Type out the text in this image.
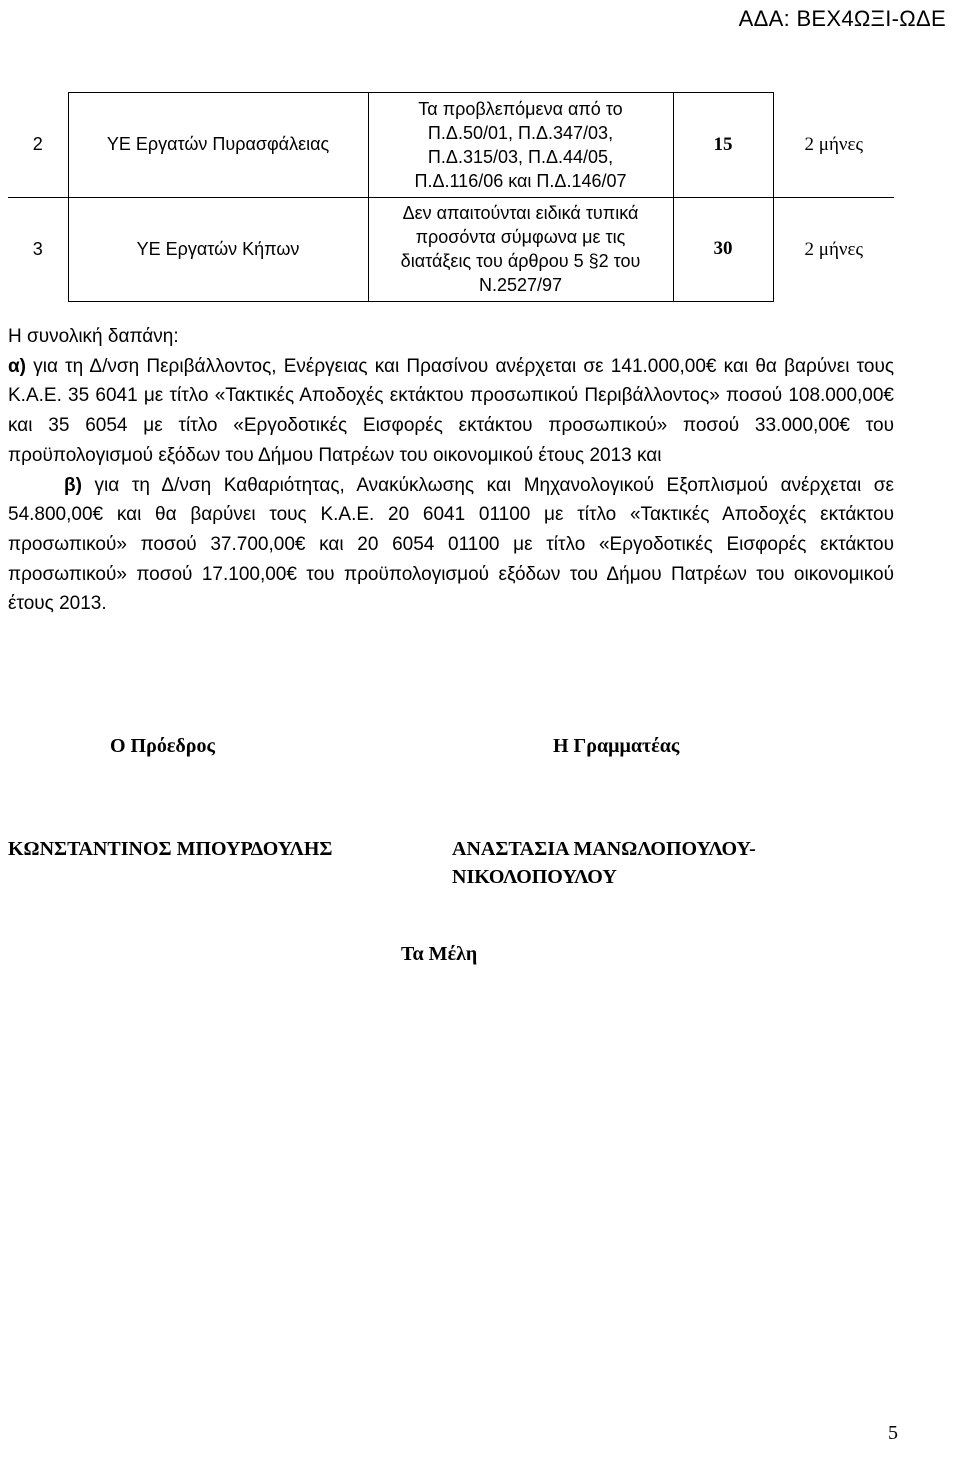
ΑΔΑ: ΒΕΧ4ΩΞΙ-ΩΔΕ
2	ΥΕ Εργατών Πυρασφάλειας	Τα προβλεπόμενα από το
Π.Δ.50/01, Π.Δ.347/03,
Π.Δ.315/03, Π.Δ.44/05,
Π.Δ.116/06 και Π.Δ.146/07	15	2 μήνες
3	ΥΕ Εργατών Κήπων	Δεν απαιτούνται ειδικά τυπικά
προσόντα σύμφωνα με τις
διατάξεις του άρθρου 5 §2 του
Ν.2527/97	30	2 μήνες

Η συνολική δαπάνη:

α) για τη Δ/νση Περιβάλλοντος, Ενέργειας και Πρασίνου ανέρχεται σε 141.000,00€ και θα βαρύνει τους Κ.Α.Ε. 35 6041 με τίτλο «Τακτικές Αποδοχές εκτάκτου προσωπικού Περιβάλλοντος» ποσού 108.000,00€ και 35 6054 με τίτλο «Εργοδοτικές Εισφορές εκτάκτου προσωπικού» ποσού 33.000,00€ του προϋπολογισμού εξόδων του Δήμου Πατρέων του οικονομικού έτους 2013 και

β) για τη Δ/νση Καθαριότητας, Ανακύκλωσης και Μηχανολογικού Εξοπλισμού ανέρχεται σε 54.800,00€ και θα βαρύνει τους Κ.Α.Ε. 20 6041 01100 με τίτλο «Τακτικές Αποδοχές εκτάκτου προσωπικού» ποσού 37.700,00€ και 20 6054 01100 με τίτλο «Εργοδοτικές Εισφορές εκτάκτου προσωπικού» ποσού 17.100,00€ του προϋπολογισμού εξόδων του Δήμου Πατρέων του οικονομικού έτους 2013.

Ο Πρόεδρος	Η Γραμματέας
ΚΩΝΣΤΑΝΤΙΝΟΣ ΜΠΟΥΡΔΟΥΛΗΣ	ΑΝΑΣΤΑΣΙΑ ΜΑΝΩΛΟΠΟΥΛΟΥ-
ΝΙΚΟΛΟΠΟΥΛΟΥ
Τα Μέλη
5
